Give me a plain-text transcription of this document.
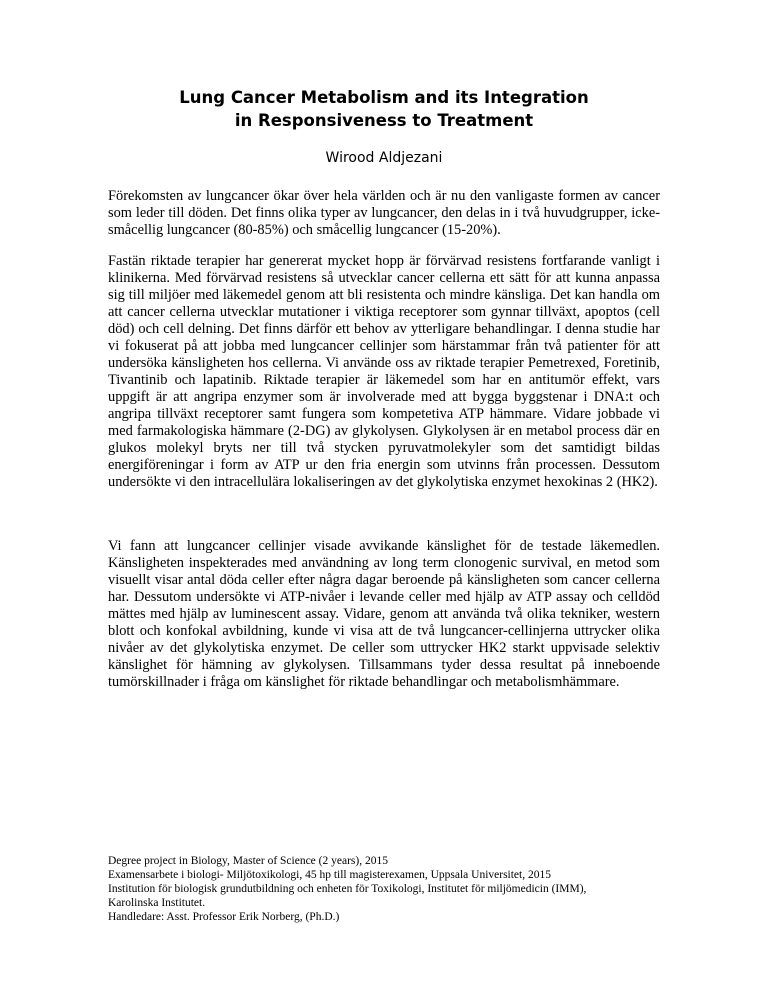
Lung Cancer Metabolism and its Integration
in Responsiveness to Treatment

Wirood Aldjezani

Förekomsten av lungcancer ökar över hela världen och är nu den vanligaste formen av cancer som leder till döden. Det finns olika typer av lungcancer, den delas in i två huvudgrupper, icke-småcellig lungcancer (80-85%) och småcellig lungcancer (15-20%).

Fastän riktade terapier har genererat mycket hopp är förvärvad resistens fortfarande vanligt i klinikerna. Med förvärvad resistens så utvecklar cancer cellerna ett sätt för att kunna anpassa sig till miljöer med läkemedel genom att bli resistenta och mindre känsliga. Det kan handla om att cancer cellerna utvecklar mutationer i viktiga receptorer som gynnar tillväxt, apoptos (cell död) och cell delning. Det finns därför ett behov av ytterligare behandlingar. I denna studie har vi fokuserat på att jobba med lungcancer cellinjer som härstammar från två patienter för att undersöka känsligheten hos cellerna. Vi använde oss av riktade terapier Pemetrexed, Foretinib, Tivantinib och lapatinib. Riktade terapier är läkemedel som har en antitumör effekt, vars uppgift är att angripa enzymer som är involverade med att bygga byggstenar i DNA:t och angripa tillväxt receptorer samt fungera som kompetetiva ATP hämmare. Vidare jobbade vi med farmakologiska hämmare (2-DG) av glykolysen. Glykolysen är en metabol process där en glukos molekyl bryts ner till två stycken pyruvatmolekyler som det samtidigt bildas energiföreningar i form av ATP ur den fria energin som utvinns från processen. Dessutom undersökte vi den intracellulära lokaliseringen av det glykolytiska enzymet hexokinas 2 (HK2).

Vi fann att lungcancer cellinjer visade avvikande känslighet för de testade läkemedlen. Känsligheten inspekterades med användning av long term clonogenic survival, en metod som visuellt visar antal döda celler efter några dagar beroende på känsligheten som cancer cellerna har. Dessutom undersökte vi ATP-nivåer i levande celler med hjälp av ATP assay och celldöd mättes med hjälp av luminescent assay. Vidare, genom att använda två olika tekniker, western blott och konfokal avbildning, kunde vi visa att de två lungcancer-cellinjerna uttrycker olika nivåer av det glykolytiska enzymet. De celler som uttrycker HK2 starkt uppvisade selektiv känslighet för hämning av glykolysen. Tillsammans tyder dessa resultat på inneboende tumörskillnader i fråga om känslighet för riktade behandlingar och metabolismhämmare.

Degree project in Biology, Master of Science (2 years), 2015
Examensarbete i biologi- Miljötoxikologi, 45 hp till magisterexamen, Uppsala Universitet, 2015
Institution för biologisk grundutbildning och enheten för Toxikologi, Institutet för miljömedicin (IMM),
Karolinska Institutet.
Handledare: Asst. Professor Erik Norberg, (Ph.D.)
